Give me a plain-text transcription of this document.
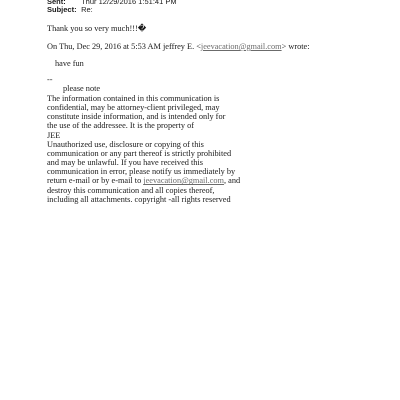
Sent: Thur 12/29/2016 1:51:41 PM
Subject: Re:
Thank you so very much!!!�
On Thu, Dec 29, 2016 at 5:53 AM jeffrey E. <jeevacation@gmail.com> wrote:
have fun
--
please note
The information contained in this communication is
confidential, may be attorney-client privileged, may
constitute inside information, and is intended only for
the use of the addressee. It is the property of
JEE
Unauthorized use, disclosure or copying of this
communication or any part thereof is strictly prohibited
and may be unlawful. If you have received this
communication in error, please notify us immediately by
return e-mail or by e-mail to jeevacation@gmail.com, and
destroy this communication and all copies thereof,
including all attachments. copyright -all rights reserved
